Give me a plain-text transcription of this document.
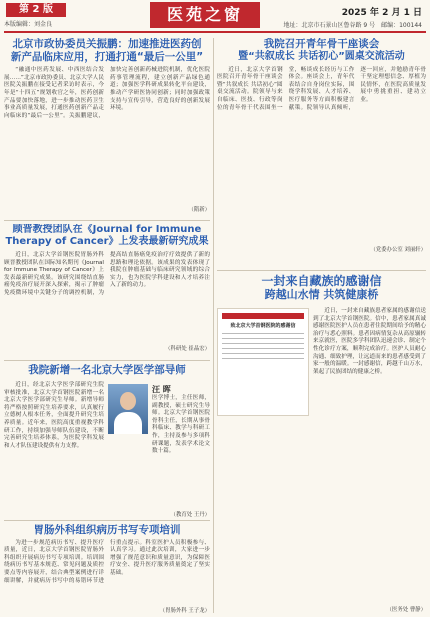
第 2 版
本版编辑：刘金良
医苑之窗	2025 年 2 月 1 日
地址：北京市石景山区鲁谷路 9 号　邮编：100144
北京市政协委员关振鹏：加速推进医药创
新产品临床应用，打通打通“最后一公里”

“融通中医药发展、中西医结合发展……”北京市政协委员、北京大学人民医院关振鹏在接受记者采访时表示，今年是“十四五”规划收官之年，医药创新产品要加快落地，进一步推动医药卫生事业高质量发展，打通医药创新产品走向临床的“最后一公里”。关振鹏建议，加快完善创新药械进院机制，优化医院药事管理流程，建立创新产品绿色通道；加强医学科研成果转化平台建设，推动产学研医协同创新；同时加强政策支持与宣传引导，营造良好的创新发展环境。

（隋新）
顾晋教授团队在《Journal for Immune
Therapy of Cancer》上发表最新研究成果

近日，北京大学首钢医院胃肠外科顾晋教授团队在国际知名期刊《Journal for Immune Therapy of Cancer》上发表最新研究成果。该研究围绕结直肠癌免疫治疗展开深入探索，揭示了肿瘤免疫微环境中关键分子的调控机制，为提高结直肠癌免疫治疗疗效提供了新的思路和理论依据。该成果的发表体现了我院在肿瘤基础与临床研究领域的综合实力，也为医院学科建设和人才培养注入了新的动力。

（科研处 崔晶宏）
我院新增一名北京大学医学部导师

近日，经北京大学医学部研究生院审核批准，北京大学首钢医院新增一名北京大学医学部研究生导师。新增导师将严格按照研究生培养要求，认真履行立德树人根本任务，全面提升研究生培养质量。近年来，医院高度重视教学科研工作，持续加强导师队伍建设，不断完善研究生培养体系，为医院学科发展和人才队伍建设提供有力支撑。

汪 晖
医学博士，主任医师，副教授，硕士研究生导师。北京大学首钢医院骨科主任，长期从事骨科临床、教学与科研工作，主持及参与多项科研课题，发表学术论文数十篇。
（教育处 王丹）
胃肠外科组织病历书写专项培训

为进一步规范病历书写、提升医疗质量，近日，北京大学首钢医院胃肠外科组织开展病历书写专项培训。培训围绕病历书写基本规范、常见问题及质控要点等内容展开，结合典型案例进行详细讲解，并就病历书写中的易错环节进行重点提示。科室医护人员积极参与、认真学习。通过此次培训，大家进一步增强了规范意识和质量意识，为保障医疗安全、提升医疗服务质量奠定了坚实基础。

（胃肠外科 王子龙）
我院召开青年骨干座谈会
暨“共叙成长 共话初心”圆桌交流活动

近日，北京大学首钢医院召开青年骨干座谈会暨“共叙成长 共话初心”圆桌交流活动。院领导与来自临床、医技、行政等岗位的青年骨干代表围坐一堂，畅谈成长经历与工作体会。座谈会上，青年代表结合自身岗位实际，围绕学科发展、人才培养、医疗服务等方面积极建言献策。院领导认真倾听，逐一回应，并勉励青年骨干坚定理想信念、厚植为民情怀，在医院高质量发展中勇挑重担、建功立业。

（党委办公室 刘丽轩）
一封来自藏族的感谢信
跨越山水情 共筑健康桥
致北京大学首钢医院的感谢信

近日，一封来自藏族患者家属的感谢信送到了北京大学首钢医院。信中，患者家属真诚感谢医院医护人员在患者住院期间给予的精心治疗与悉心照料。患者因病情复杂从高原辗转来京就医，医院多学科团队迅速会诊、制定个性化诊疗方案，顺利完成治疗。医护人员耐心沟通、细致护理，让远道而来的患者感受到了家一般的温暖。一封感谢信，跨越千山万水，架起了民族团结的健康之桥。

（医务处 曹静）
